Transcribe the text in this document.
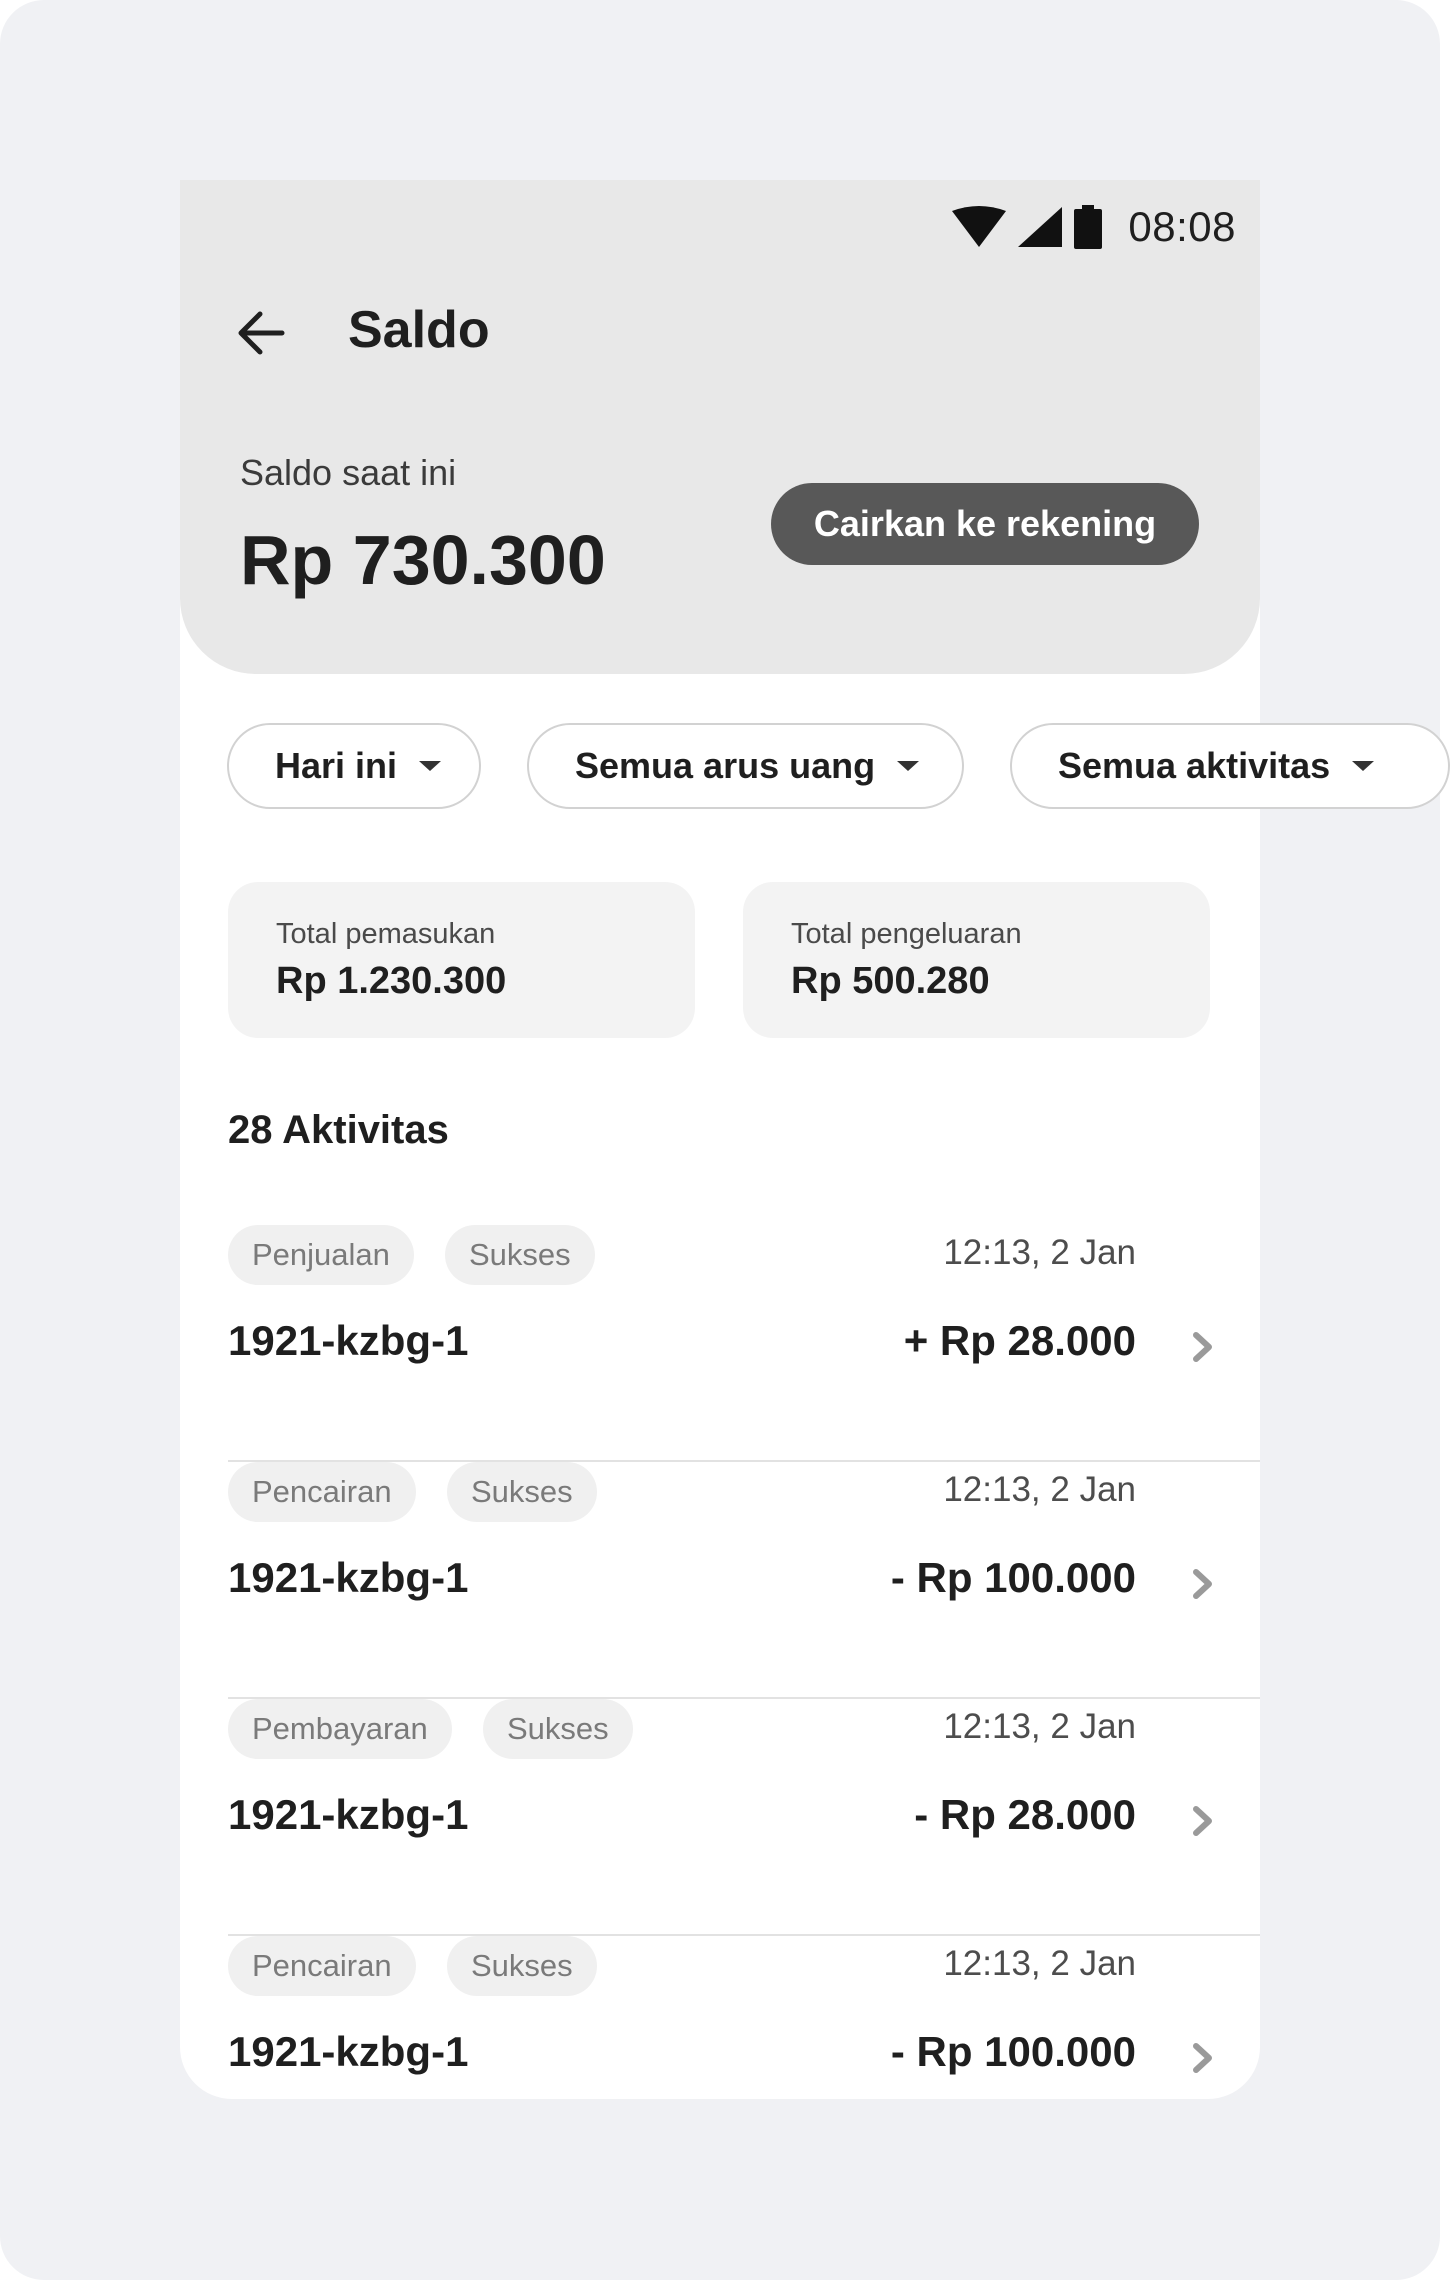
08:08
Saldo
Saldo saat ini
Rp 730.300	Cairkan ke rekening
Hari ini	Semua arus uang	Semua aktivitas
Total pemasukan
Rp 1.230.300
Total pengeluaran
Rp 500.280
28 Aktivitas
Penjualan	Sukses	12:13, 2 Jan
1921-kzbg-1	+ Rp 28.000
Pencairan	Sukses	12:13, 2 Jan
1921-kzbg-1	- Rp 100.000
Pembayaran	Sukses	12:13, 2 Jan
1921-kzbg-1	- Rp 28.000
Pencairan	Sukses	12:13, 2 Jan
1921-kzbg-1	- Rp 100.000
